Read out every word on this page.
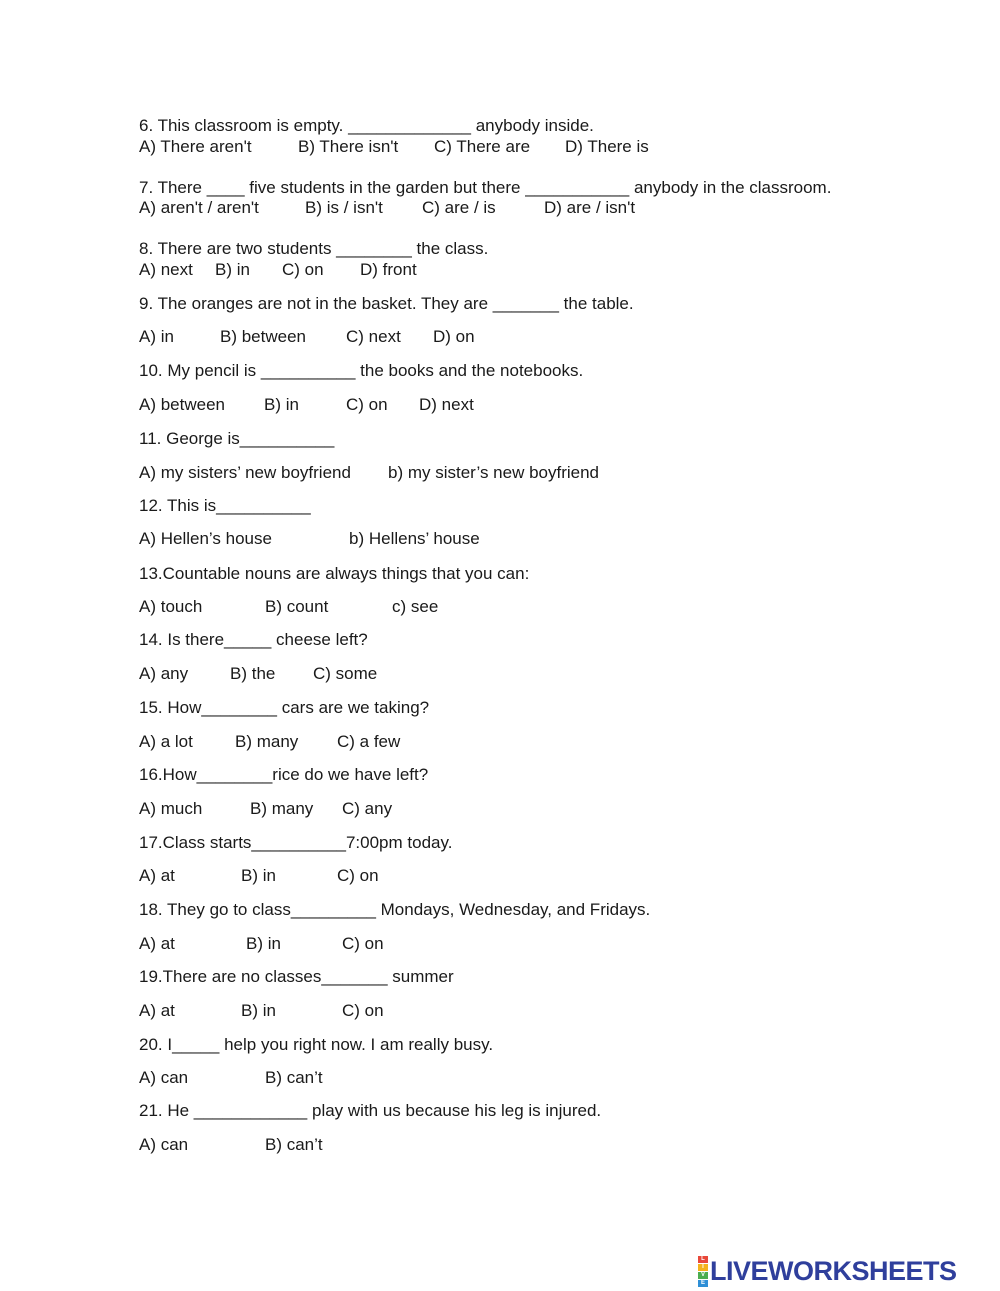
6. This classroom is empty. _____________ anybody inside.

A) There aren't

	B) There isn't

C) There are

D) There is

7. There ____ five students in the garden but there ___________ anybody in the classroom.

A) aren't / aren't

	B) is / isn't

C) are / is

	D) are / isn't

8. There are two students ________ the class.

A) next

B) in

C) on

D) front

9. The oranges are not in the basket. They are _______ the table.

A) in

	B) between

C) next

D) on

10. My pencil is __________ the books and the notebooks.

A) between

B) in

	C) on

D) next

11. George is__________

A) my sisters’ new boyfriend

b) my sister’s new boyfriend

12. This is__________

A) Hellen’s house

	b) Hellens’ house

13.Countable nouns are always things that you can:

A) touch

	B) count

	c) see

14. Is there_____ cheese left?

A) any

B) the

C) some

15. How________ cars are we taking?

A) a lot

B) many

C) a few

16.How________rice do we have left?

A) much

	B) many

C) any

17.Class starts__________7:00pm today.

A) at

	B) in

	C) on

18. They go to class_________ Mondays, Wednesday, and Fridays.

A) at

	B) in

	C) on

19.There are no classes_______ summer

A) at

	B) in

	C) on

20. I_____ help you right now. I am really busy.

A) can

	B) can’t

21. He ____________ play with us because his leg is injured.

A) can

	B) can’t

L
I
V
E LIVEWORKSHEETS
